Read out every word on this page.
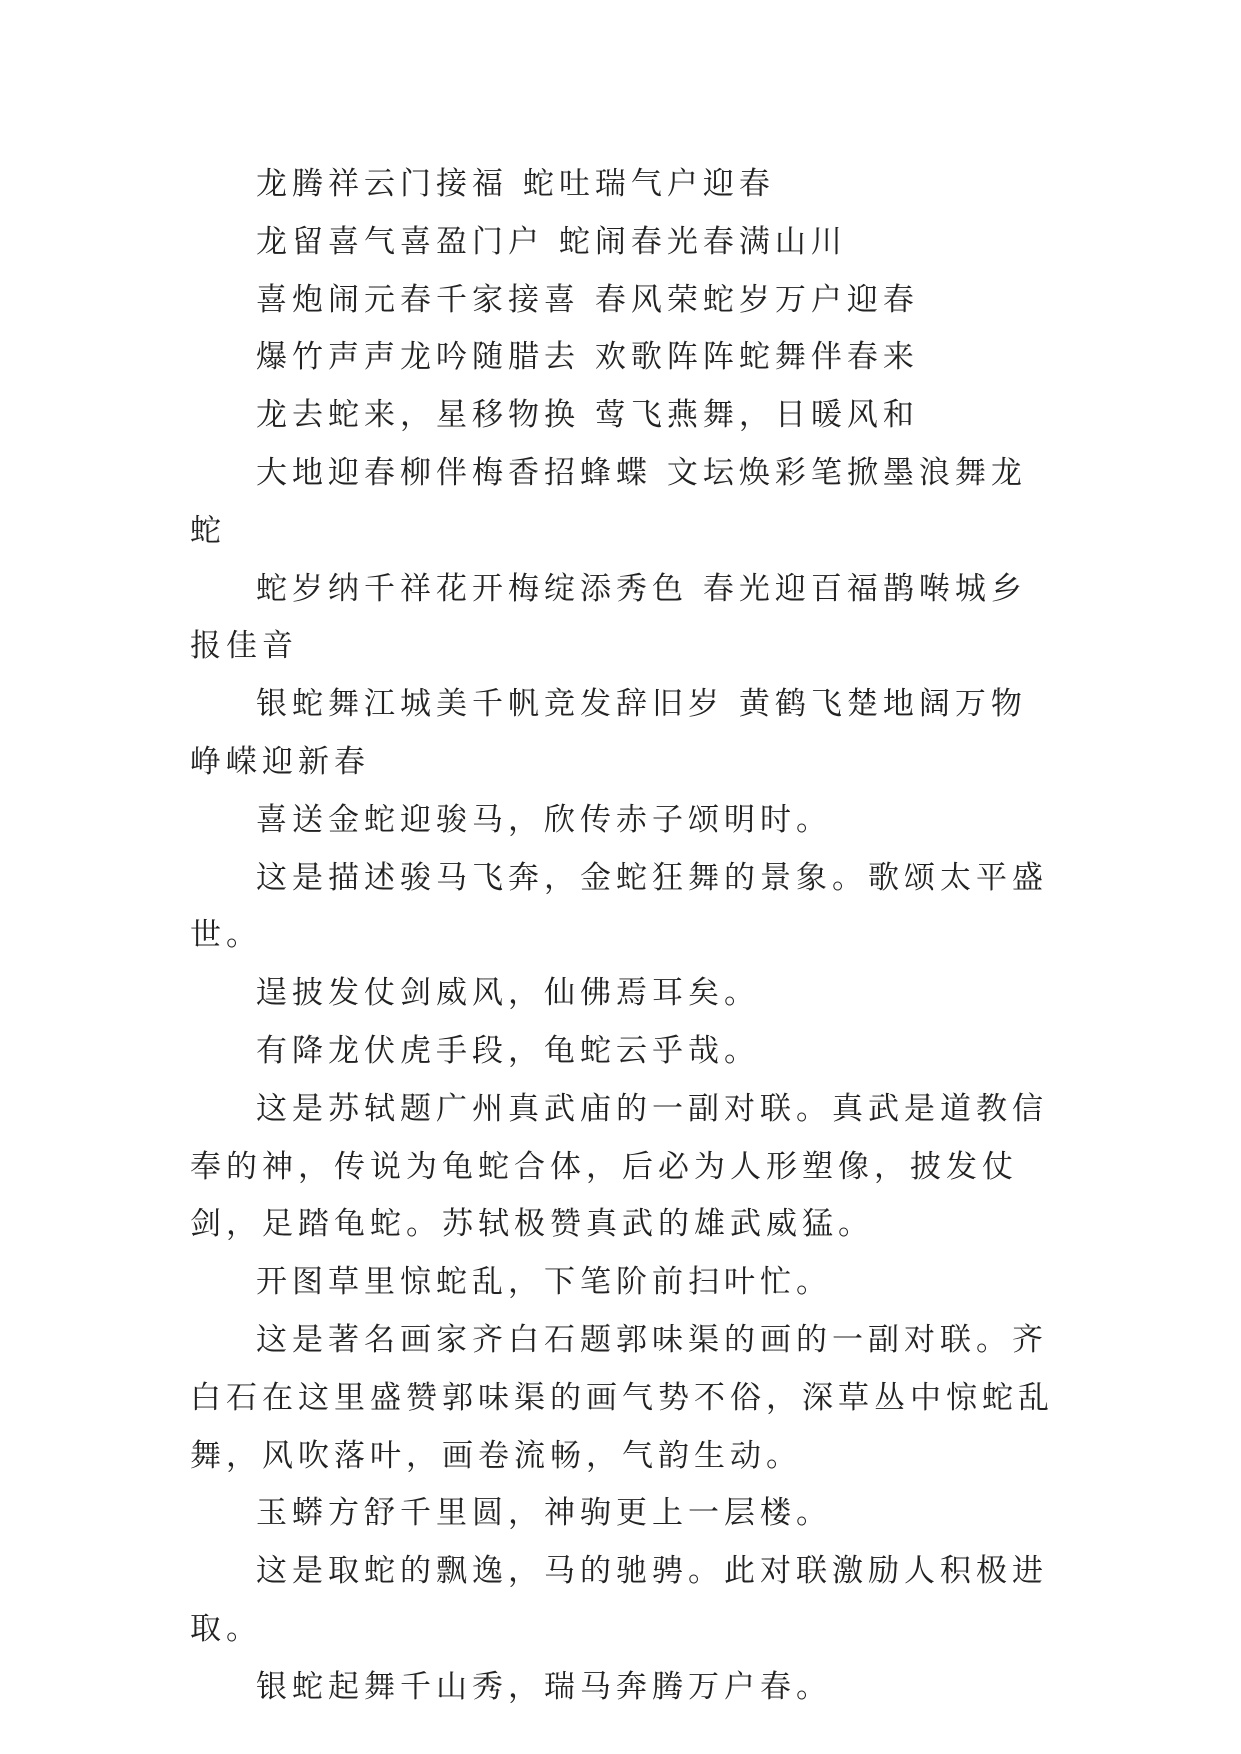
龙腾祥云门接福 蛇吐瑞气户迎春

龙留喜气喜盈门户 蛇闹春光春满山川

喜炮闹元春千家接喜 春风荣蛇岁万户迎春

爆竹声声龙吟随腊去 欢歌阵阵蛇舞伴春来

龙去蛇来，星移物换 莺飞燕舞，日暖风和

大地迎春柳伴梅香招蜂蝶 文坛焕彩笔掀墨浪舞龙蛇

蛇岁纳千祥花开梅绽添秀色 春光迎百福鹊啭城乡报佳音

银蛇舞江城美千帆竞发辞旧岁 黄鹤飞楚地阔万物峥嵘迎新春

喜送金蛇迎骏马，欣传赤子颂明时。

这是描述骏马飞奔，金蛇狂舞的景象。歌颂太平盛世。

逞披发仗剑威风，仙佛焉耳矣。

有降龙伏虎手段，龟蛇云乎哉。

这是苏轼题广州真武庙的一副对联。真武是道教信奉的神，传说为龟蛇合体，后必为人形塑像，披发仗剑，足踏龟蛇。苏轼极赞真武的雄武威猛。

开图草里惊蛇乱，下笔阶前扫叶忙。

这是著名画家齐白石题郭味渠的画的一副对联。齐白石在这里盛赞郭味渠的画气势不俗，深草丛中惊蛇乱舞，风吹落叶，画卷流畅，气韵生动。

玉蟒方舒千里圆，神驹更上一层楼。

这是取蛇的飘逸，马的驰骋。此对联激励人积极进取。

银蛇起舞千山秀，瑞马奔腾万户春。
